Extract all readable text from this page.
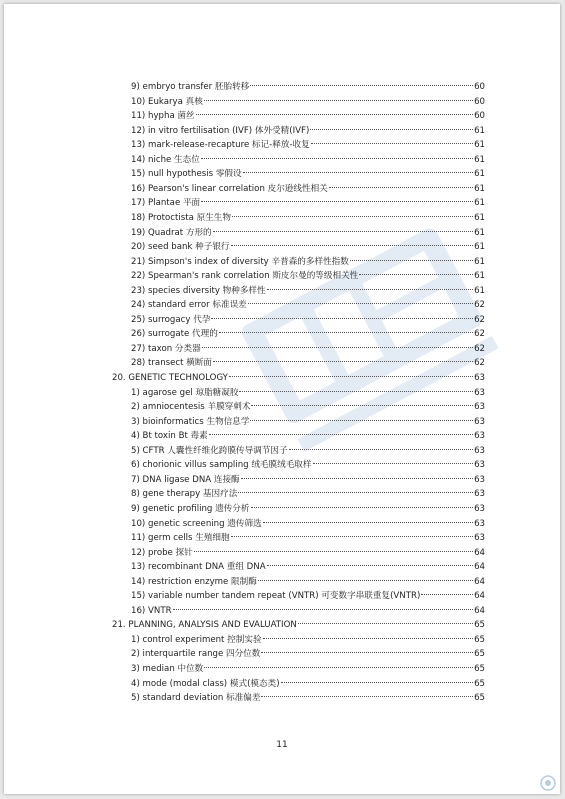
9) embryo transfer 胚胎转移	60
10) Eukarya 真核	60
11) hypha 菌丝	60
12) in vitro fertilisation (IVF) 体外受精(IVF)	61
13) mark-release-recapture 标记-释放-收复	61
14) niche 生态位	61
15) null hypothesis 零假设	61
16) Pearson's linear correlation 皮尔逊线性相关	61
17) Plantae 平面	61
18) Protoctista 原生生物	61
19) Quadrat 方形的	61
20) seed bank 种子银行	61
21) Simpson's index of diversity 辛普森的多样性指数	61
22) Spearman's rank correlation 斯皮尔曼的等级相关性	61
23) species diversity 物种多样性	61
24) standard error 标准误差	62
25) surrogacy 代孕	62
26) surrogate 代理的	62
27) taxon 分类器	62
28) transect 横断面	62
20. GENETIC TECHNOLOGY	63
1) agarose gel 琼脂糖凝胶	63
2) amniocentesis 羊膜穿刺术	63
3) bioinformatics 生物信息学	63
4) Bt toxin Bt 毒素	63
5) CFTR 人囊性纤维化跨膜传导调节因子	63
6) chorionic villus sampling 绒毛膜绒毛取样	63
7) DNA ligase DNA 连接酶	63
8) gene therapy 基因疗法	63
9) genetic profiling 遗传分析	63
10) genetic screening 遗传筛选	63
11) germ cells 生殖细胞	63
12) probe 探针	64
13) recombinant DNA 重组 DNA	64
14) restriction enzyme 限制酶	64
15) variable number tandem repeat (VNTR) 可变数字串联重复(VNTR)	64
16) VNTR	64
21. PLANNING, ANALYSIS AND EVALUATION	65
1) control experiment 控制实验	65
2) interquartile range 四分位数	65
3) median 中位数	65
4) mode (modal class) 模式(模态类)	65
5) standard deviation 标准偏差	65
11
